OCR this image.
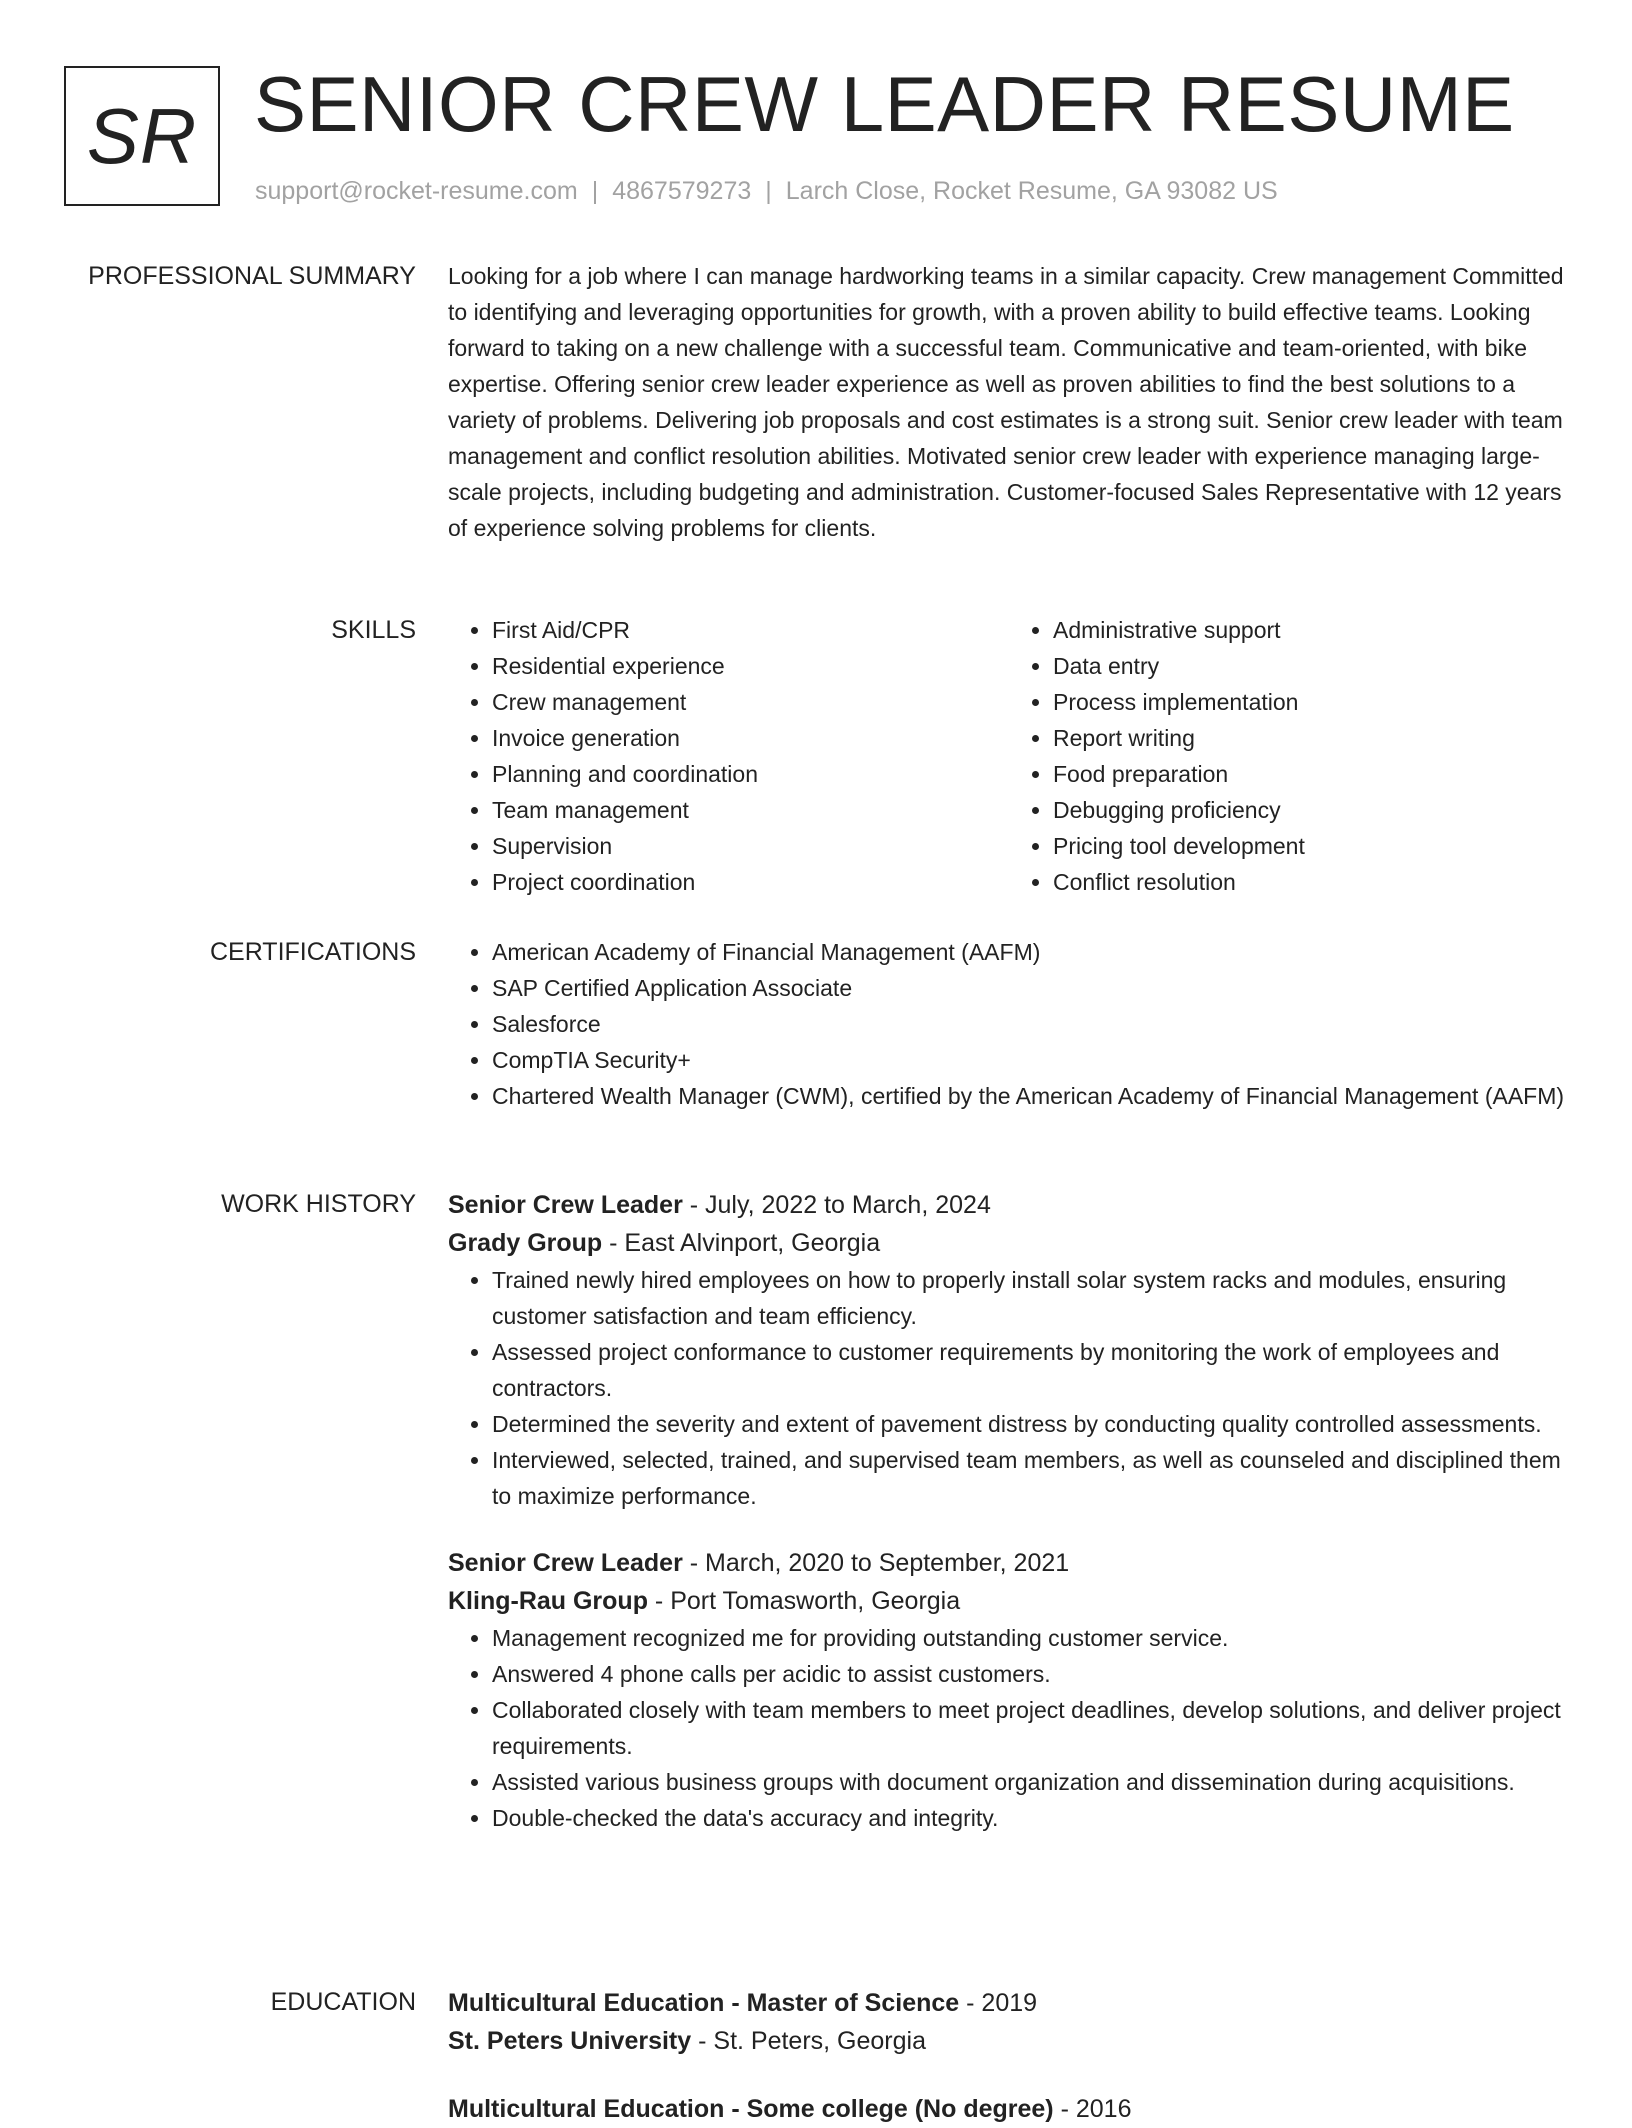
SR SENIOR CREW LEADER RESUME
support@rocket-resume.com | 4867579273 | Larch Close, Rocket Resume, GA 93082 US
PROFESSIONAL SUMMARY Looking for a job where I can manage hardworking teams in a similar capacity. Crew management Committed to identifying and leveraging opportunities for growth, with a proven ability to build effective teams. Looking forward to taking on a new challenge with a successful team. Communicative and team-oriented, with bike expertise. Offering senior crew leader experience as well as proven abilities to find the best solutions to a variety of problems. Delivering job proposals and cost estimates is a strong suit. Senior crew leader with team management and conflict resolution abilities. Motivated senior crew leader with experience managing large-scale projects, including budgeting and administration. Customer-focused Sales Representative with 12 years of experience solving problems for clients.

SKILLS	• First Aid/CPR
• Residential experience
• Crew management
• Invoice generation
• Planning and coordination
• Team management
• Supervision
• Project coordination
• Administrative support
• Data entry
• Process implementation
• Report writing
• Food preparation
• Debugging proficiency
• Pricing tool development
• Conflict resolution
CERTIFICATIONS	• American Academy of Financial Management (AAFM)
• SAP Certified Application Associate
• Salesforce
• CompTIA Security+
• Chartered Wealth Manager (CWM), certified by the American Academy of Financial Management (AAFM)
WORK HISTORY Senior Crew Leader - July, 2022 to March, 2024
Grady Group - East Alvinport, Georgia
• Trained newly hired employees on how to properly install solar system racks and modules, ensuring customer satisfaction and team efficiency.
• Assessed project conformance to customer requirements by monitoring the work of employees and contractors.
• Determined the severity and extent of pavement distress by conducting quality controlled assessments.
• Interviewed, selected, trained, and supervised team members, as well as counseled and disciplined them to maximize performance.
Senior Crew Leader - March, 2020 to September, 2021
Kling-Rau Group - Port Tomasworth, Georgia
• Management recognized me for providing outstanding customer service.
• Answered 4 phone calls per acidic to assist customers.
• Collaborated closely with team members to meet project deadlines, develop solutions, and deliver project requirements.
• Assisted various business groups with document organization and dissemination during acquisitions.
• Double-checked the data's accuracy and integrity.
EDUCATION Multicultural Education - Master of Science - 2019
St. Peters University - St. Peters, Georgia
Multicultural Education - Some college (No degree) - 2016
